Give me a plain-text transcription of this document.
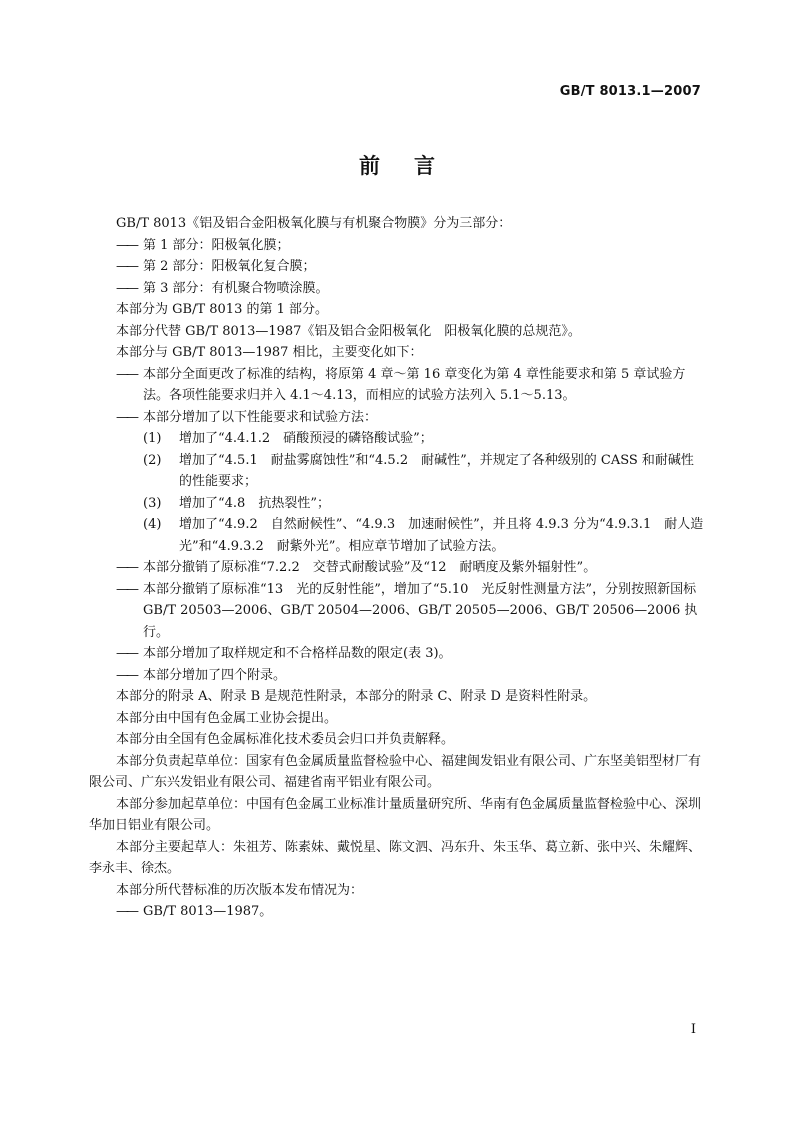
GB/T 8013.1—2007
前言

GB/T 8013《铝及铝合金阳极氧化膜与有机聚合物膜》分为三部分：

—— 第 1 部分：阳极氧化膜；

—— 第 2 部分：阳极氧化复合膜；

—— 第 3 部分：有机聚合物喷涂膜。

本部分为 GB/T 8013 的第 1 部分。

本部分代替 GB/T 8013—1987《铝及铝合金阳极氧化　阳极氧化膜的总规范》。

本部分与 GB/T 8013—1987 相比，主要变化如下：

—— 本部分全面更改了标准的结构，将原第 4 章～第 16 章变化为第 4 章性能要求和第 5 章试验方法。各项性能要求归并入 4.1～4.13，而相应的试验方法列入 5.1～5.13。

—— 本部分增加了以下性能要求和试验方法：

(1) 增加了“4.4.1.2　硝酸预浸的磷铬酸试验”；

(2) 增加了“4.5.1　耐盐雾腐蚀性”和“4.5.2　耐碱性”，并规定了各种级别的 CASS 和耐碱性的性能要求；

(3) 增加了“4.8　抗热裂性”；

(4) 增加了“4.9.2　自然耐候性”、“4.9.3　加速耐候性”，并且将 4.9.3 分为“4.9.3.1　耐人造光”和“4.9.3.2　耐紫外光”。相应章节增加了试验方法。

—— 本部分撤销了原标准“7.2.2　交替式耐酸试验”及“12　耐晒度及紫外辐射性”。

—— 本部分撤销了原标准“13　光的反射性能”，增加了“5.10　光反射性测量方法”，分别按照新国标 GB/T 20503—2006、GB/T 20504—2006、GB/T 20505—2006、GB/T 20506—2006 执行。

—— 本部分增加了取样规定和不合格样品数的限定(表 3)。

—— 本部分增加了四个附录。

本部分的附录 A、附录 B 是规范性附录，本部分的附录 C、附录 D 是资料性附录。

本部分由中国有色金属工业协会提出。

本部分由全国有色金属标准化技术委员会归口并负责解释。

本部分负责起草单位：国家有色金属质量监督检验中心、福建闽发铝业有限公司、广东坚美铝型材厂有限公司、广东兴发铝业有限公司、福建省南平铝业有限公司。

本部分参加起草单位：中国有色金属工业标准计量质量研究所、华南有色金属质量监督检验中心、深圳华加日铝业有限公司。

本部分主要起草人：朱祖芳、陈素妹、戴悦星、陈文泗、冯东升、朱玉华、葛立新、张中兴、朱耀辉、李永丰、徐杰。

本部分所代替标准的历次版本发布情况为：

—— GB/T 8013—1987。

I
